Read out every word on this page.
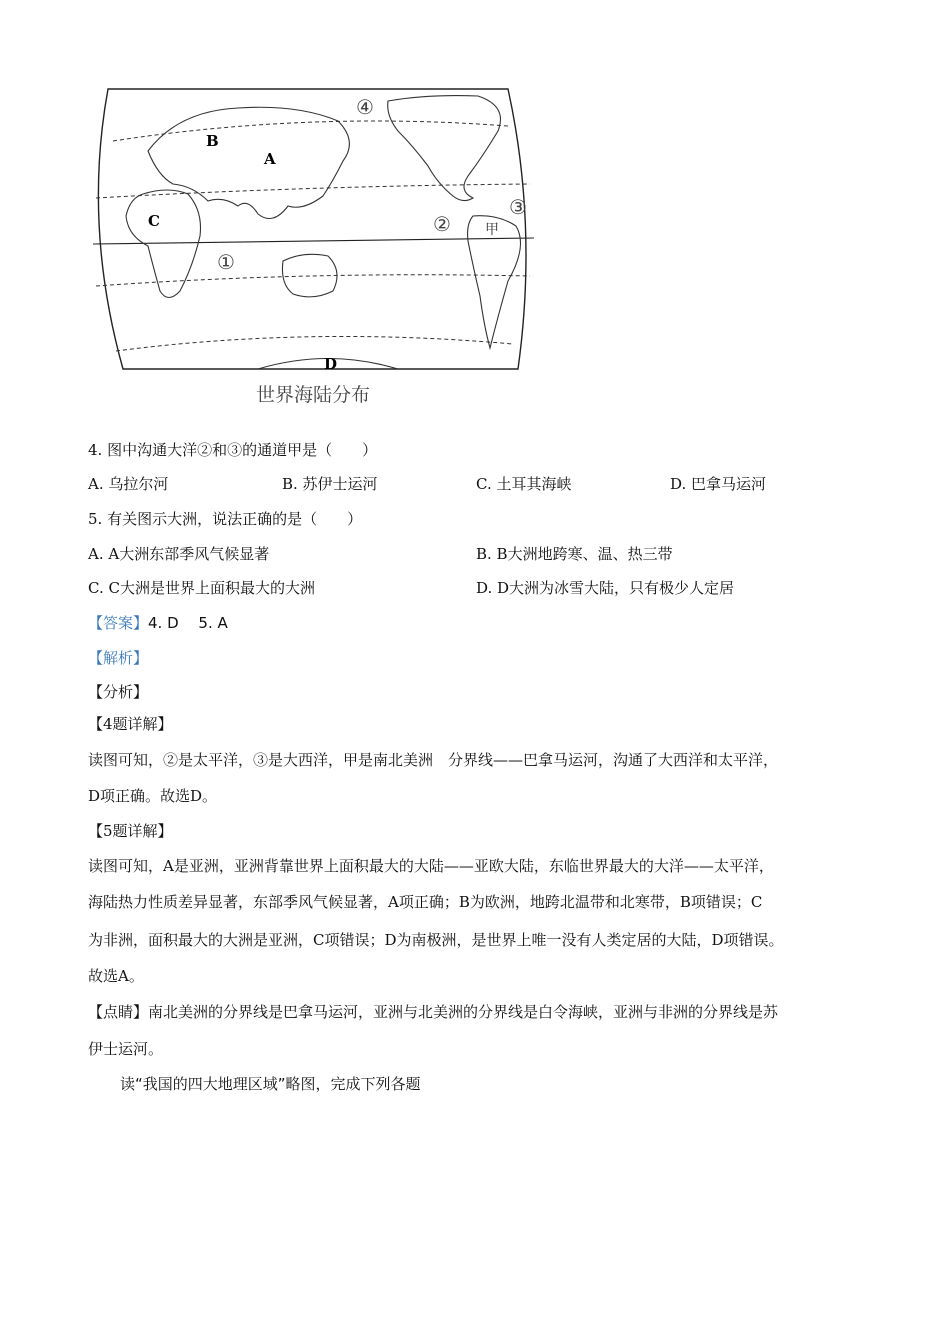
B
A
C
D
①
②
③
④
甲
世界海陆分布
4. 图中沟通大洋②和③的通道甲是（　　）
A. 乌拉尔河	B. 苏伊士运河	C. 土耳其海峡	D. 巴拿马运河
5. 有关图示大洲，说法正确的是（　　）
A. A大洲东部季风气候显著	B. B大洲地跨寒、温、热三带
C. C大洲是世界上面积最大的大洲	D. D大洲为冰雪大陆，只有极少人定居
【答案】4. D　 5. A
【解析】
【分析】
【4题详解】
读图可知，②是太平洋，③是大西洋，甲是南北美洲　分界线——巴拿马运河，沟通了大西洋和太平洋，
D项正确。故选D。
【5题详解】
读图可知，A是亚洲，亚洲背靠世界上面积最大的大陆——亚欧大陆，东临世界最大的大洋——太平洋，
海陆热力性质差异显著，东部季风气候显著，A项正确；B为欧洲，地跨北温带和北寒带，B项错误；C
为非洲，面积最大的大洲是亚洲，C项错误；D为南极洲，是世界上唯一没有人类定居的大陆，D项错误。
故选A。
【点睛】南北美洲的分界线是巴拿马运河，亚洲与北美洲的分界线是白令海峡，亚洲与非洲的分界线是苏
伊士运河。
读“我国的四大地理区域”略图，完成下列各题
